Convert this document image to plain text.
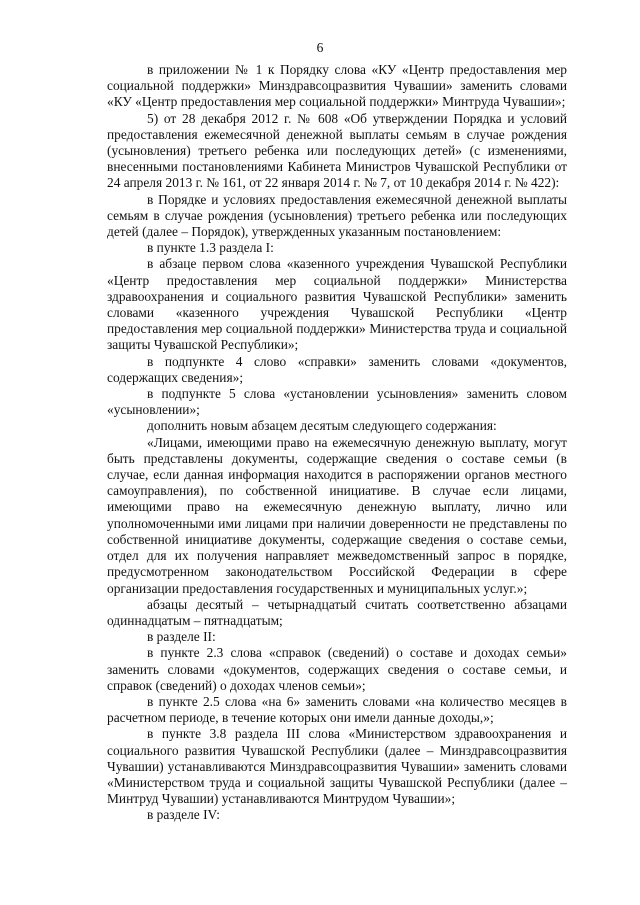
6

в приложении № 1 к Порядку слова «КУ «Центр предоставления мер социальной поддержки» Минздравсоцразвития Чувашии» заменить словами «КУ «Центр предоставления мер социальной поддержки» Минтруда Чувашии»;

5) от 28 декабря 2012 г. № 608 «Об утверждении Порядка и условий предоставления ежемесячной денежной выплаты семьям в случае рождения (усыновления) третьего ребенка или последующих детей» (с изменениями, внесенными постановлениями Кабинета Министров Чувашской Республики от 24 апреля 2013 г. № 161, от 22 января 2014 г. № 7, от 10 декабря 2014 г. № 422):

в Порядке и условиях предоставления ежемесячной денежной выплаты семьям в случае рождения (усыновления) третьего ребенка или последующих детей (далее – Порядок), утвержденных указанным постановлением:

в пункте 1.3 раздела I:

в абзаце первом слова «казенного учреждения Чувашской Республики «Центр предоставления мер социальной поддержки» Министерства здравоохранения и социального развития Чувашской Республики» заменить словами «казенного учреждения Чувашской Республики «Центр предоставления мер социальной поддержки» Министерства труда и социальной защиты Чувашской Республики»;

в подпункте 4 слово «справки» заменить словами «документов, содержащих сведения»;

в подпункте 5 слова «установлении усыновления» заменить словом «усыновлении»;

дополнить новым абзацем десятым следующего содержания:

«Лицами, имеющими право на ежемесячную денежную выплату, могут быть представлены документы, содержащие сведения о составе семьи (в случае, если данная информация находится в распоряжении органов местного самоуправления), по собственной инициативе. В случае если лицами, имеющими право на ежемесячную денежную выплату, лично или уполномоченными ими лицами при наличии доверенности не представлены по собственной инициативе документы, содержащие сведения о составе семьи, отдел для их получения направляет межведомственный запрос в порядке, предусмотренном законодательством Российской Федерации в сфере организации предоставления государственных и муниципальных услуг.»;

абзацы десятый – четырнадцатый считать соответственно абзацами одиннадцатым – пятнадцатым;

в разделе II:

в пункте 2.3 слова «справок (сведений) о составе и доходах семьи» заменить словами «документов, содержащих сведения о составе семьи, и справок (сведений) о доходах членов семьи»;

в пункте 2.5 слова «на 6» заменить словами «на количество месяцев в расчетном периоде, в течение которых они имели данные доходы,»;

в пункте 3.8 раздела III слова «Министерством здравоохранения и социального развития Чувашской Республики (далее – Минздравсоцразвития Чувашии) устанавливаются Минздравсоцразвития Чувашии» заменить словами «Министерством труда и социальной защиты Чувашской Республики (далее – Минтруд Чувашии) устанавливаются Минтрудом Чувашии»;

в разделе IV:
